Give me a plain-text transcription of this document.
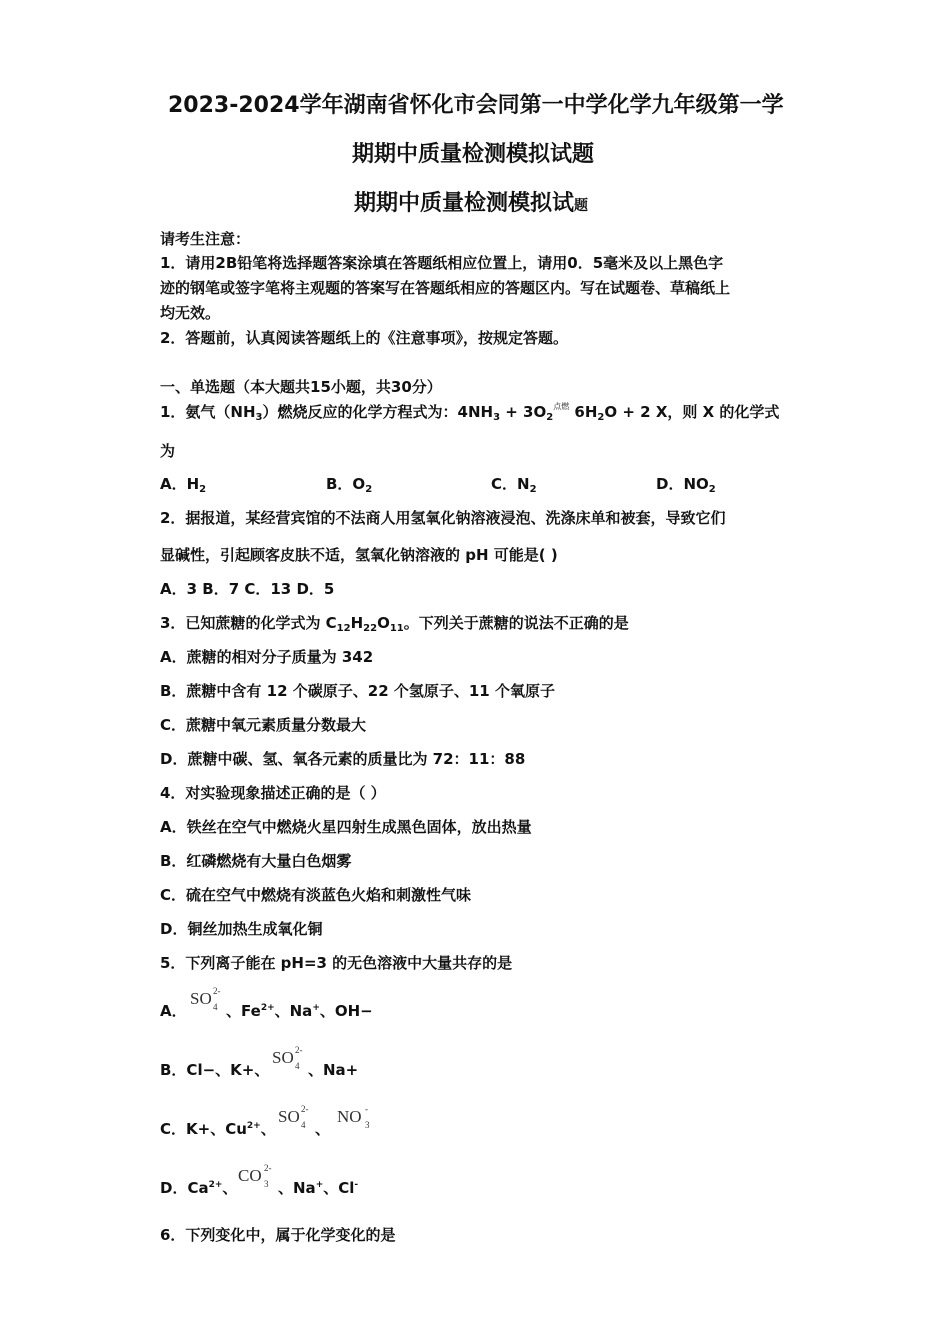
2023-2024学年湖南省怀化市会同第一中学化学九年级第一学
期期中质量检测模拟试题
期期中质量检测模拟试题
请考生注意：
1．请用2B铅笔将选择题答案涂填在答题纸相应位置上，请用0．5毫米及以上黑色字
迹的钢笔或签字笔将主观题的答案写在答题纸相应的答题区内。写在试题卷、草稿纸上
均无效。
2．答题前，认真阅读答题纸上的《注意事项》，按规定答题。
一、单选题（本大题共15小题，共30分）
1．氨气$(NH_3)$燃烧反应的化学方程式为：$4NH_3 + 3O_2^{点燃}$ $6H_2O + 2$ X，则 X 的化学式
为
A．$H_2$	B．$O_2$	C．$N_2$	D．$NO_2$
2．据报道，某经营宾馆的不法商人用氢氧化钠溶液浸泡、洗涤床单和被套，导致它们
显碱性，引起顾客皮肤不适，氢氧化钠溶液的 pH 可能是( )
A．3 B．7 C．13 D．5
3．已知蔗糖的化学式为 $C_{12}H_{22}O_{11}$。下列关于蔗糖的说法不正确的是
A．蔗糖的相对分子质量为 342
B．蔗糖中含有 12 个碳原子、22 个氢原子、11 个氧原子
C．蔗糖中氧元素质量分数最大
D．蔗糖中碳、氢、氧各元素的质量比为 72：11：88
4．对实验现象描述正确的是（ ）
A．铁丝在空气中燃烧火星四射生成黑色固体，放出热量
B．红磷燃烧有大量白色烟雾
C．硫在空气中燃烧有淡蓝色火焰和刺激性气味
D．铜丝加热生成氧化铜
5．下列离子能在 pH=3 的无色溶液中大量共存的是
A．
SO 2-
4 、$Fe^{2+}$、Na+、OH−
B．Cl−、K+、
SO 2-
4 、Na+
C．K+、$Cu^{2+}$、
SO 2-
4 、
NO -
3
D．$Ca^{2+}$、
CO 2-
3 、Na+、Cl-
6．下列变化中，属于化学变化的是
